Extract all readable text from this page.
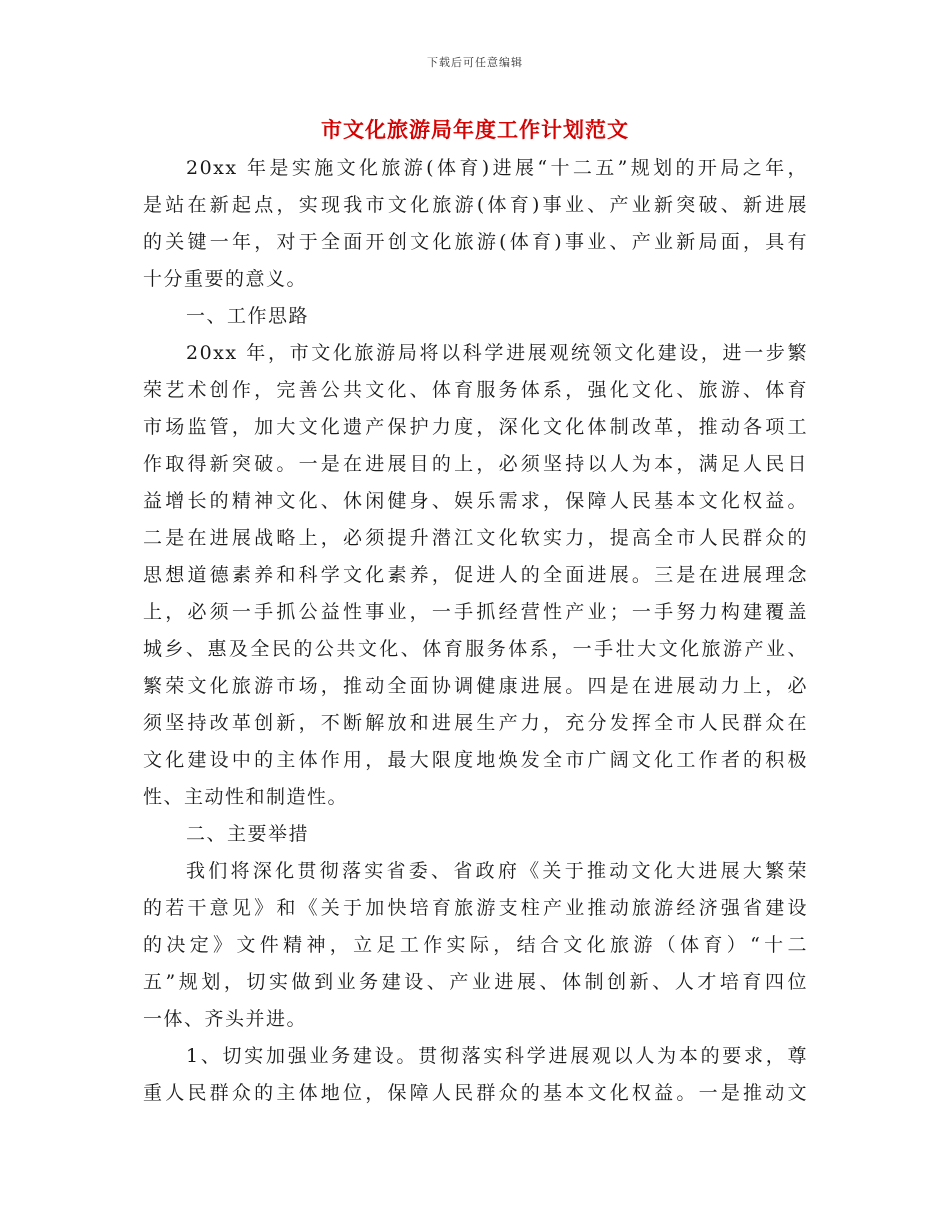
下载后可任意编辑
市文化旅游局年度工作计划范文
20xx 年是实施文化旅游(体育)进展“十二五”规划的开局之年，
是站在新起点，实现我市文化旅游(体育)事业、产业新突破、新进展
的关键一年，对于全面开创文化旅游(体育)事业、产业新局面，具有
十分重要的意义。
一、工作思路
20xx 年，市文化旅游局将以科学进展观统领文化建设，进一步繁
荣艺术创作，完善公共文化、体育服务体系，强化文化、旅游、体育
市场监管，加大文化遗产保护力度，深化文化体制改革，推动各项工
作取得新突破。一是在进展目的上，必须坚持以人为本，满足人民日
益增长的精神文化、休闲健身、娱乐需求，保障人民基本文化权益。
二是在进展战略上，必须提升潜江文化软实力，提高全市人民群众的
思想道德素养和科学文化素养，促进人的全面进展。三是在进展理念
上，必须一手抓公益性事业，一手抓经营性产业；一手努力构建覆盖
城乡、惠及全民的公共文化、体育服务体系，一手壮大文化旅游产业、
繁荣文化旅游市场，推动全面协调健康进展。四是在进展动力上，必
须坚持改革创新，不断解放和进展生产力，充分发挥全市人民群众在
文化建设中的主体作用，最大限度地焕发全市广阔文化工作者的积极
性、主动性和制造性。
二、主要举措
我们将深化贯彻落实省委、省政府《关于推动文化大进展大繁荣
的若干意见》和《关于加快培育旅游支柱产业推动旅游经济强省建设
的决定》文件精神，立足工作实际，结合文化旅游（体育）“十二
五”规划，切实做到业务建设、产业进展、体制创新、人才培育四位
一体、齐头并进。
1、切实加强业务建设。贯彻落实科学进展观以人为本的要求，尊
重人民群众的主体地位，保障人民群众的基本文化权益。一是推动文
